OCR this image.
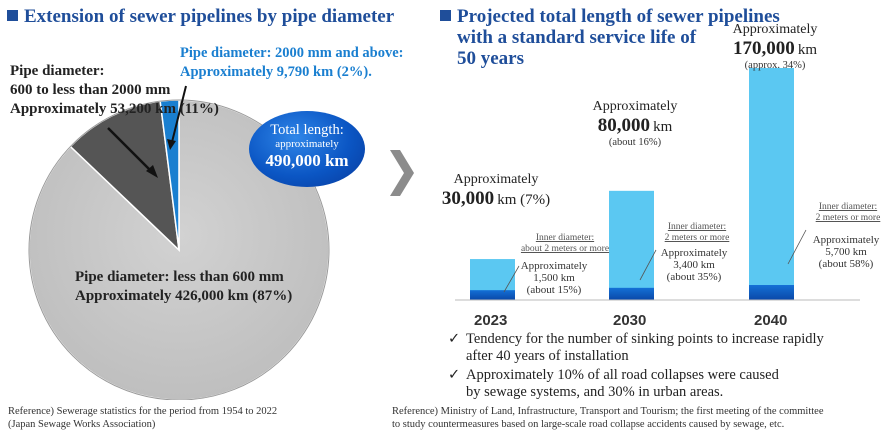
Extension of sewer pipelines by pipe diameter
Pipe diameter: 2000 mm and above:
Approximately 9,790 km (2%).
Pipe diameter:
600 to less than 2000 mm
Approximately 53,200 km (11%)
Pipe diameter: less than 600 mm
Approximately 426,000 km (87%)
Total length:
approximately
490,000 km
Reference) Sewerage statistics for the period from 1954 to 2022
(Japan Sewage Works Association)
Projected total length of sewer pipelines
with a standard service life of
50 years
Approximately
30,000 km (7%)
Approximately
80,000 km
(about 16%)
Approximately
170,000 km
(approx. 34%)
Inner diameter:
about 2 meters or more
Inner diameter:
2 meters or more
Inner diameter:
2 meters or more
Approximately
1,500 km
(about 15%)
Approximately
3,400 km
(about 35%)
Approximately
5,700 km
(about 58%)
2023	2030	2040
✓ Tendency for the number of sinking points to increase rapidly
after 40 years of installation
✓ Approximately 10% of all road collapses were caused
by sewage systems, and 30% in urban areas.
Reference) Ministry of Land, Infrastructure, Transport and Tourism; the first meeting of the committee
to study countermeasures based on large-scale road collapse accidents caused by sewage, etc.
